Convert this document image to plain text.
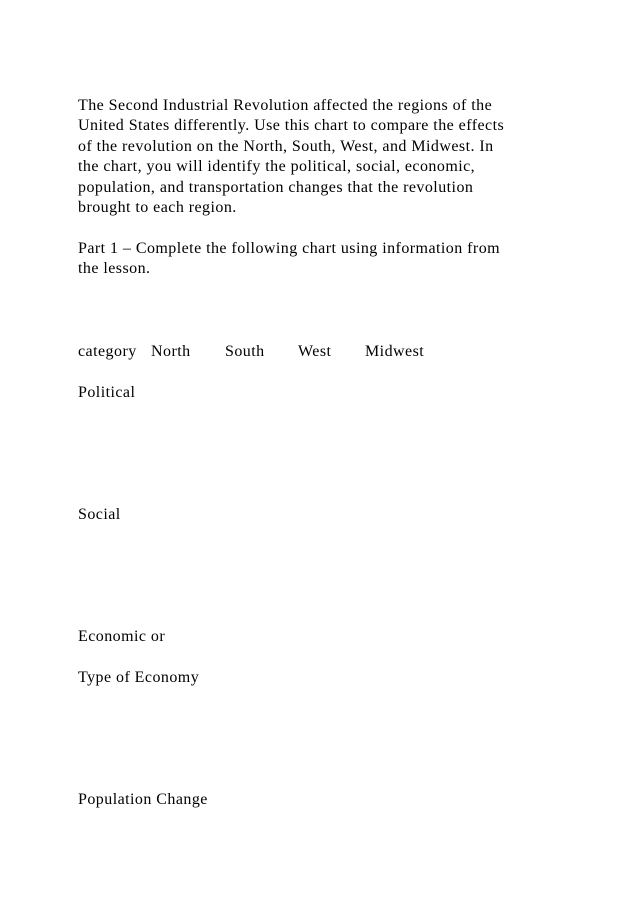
The Second Industrial Revolution affected the regions of the
United States differently. Use this chart to compare the effects
of the revolution on the North, South, West, and Midwest. In
the chart, you will identify the political, social, economic,
population, and transportation changes that the revolution
brought to each region.

Part 1 – Complete the following chart using information from
the lesson.

category North South West Midwest
Political
Social
Economic or
Type of Economy
Population Change
